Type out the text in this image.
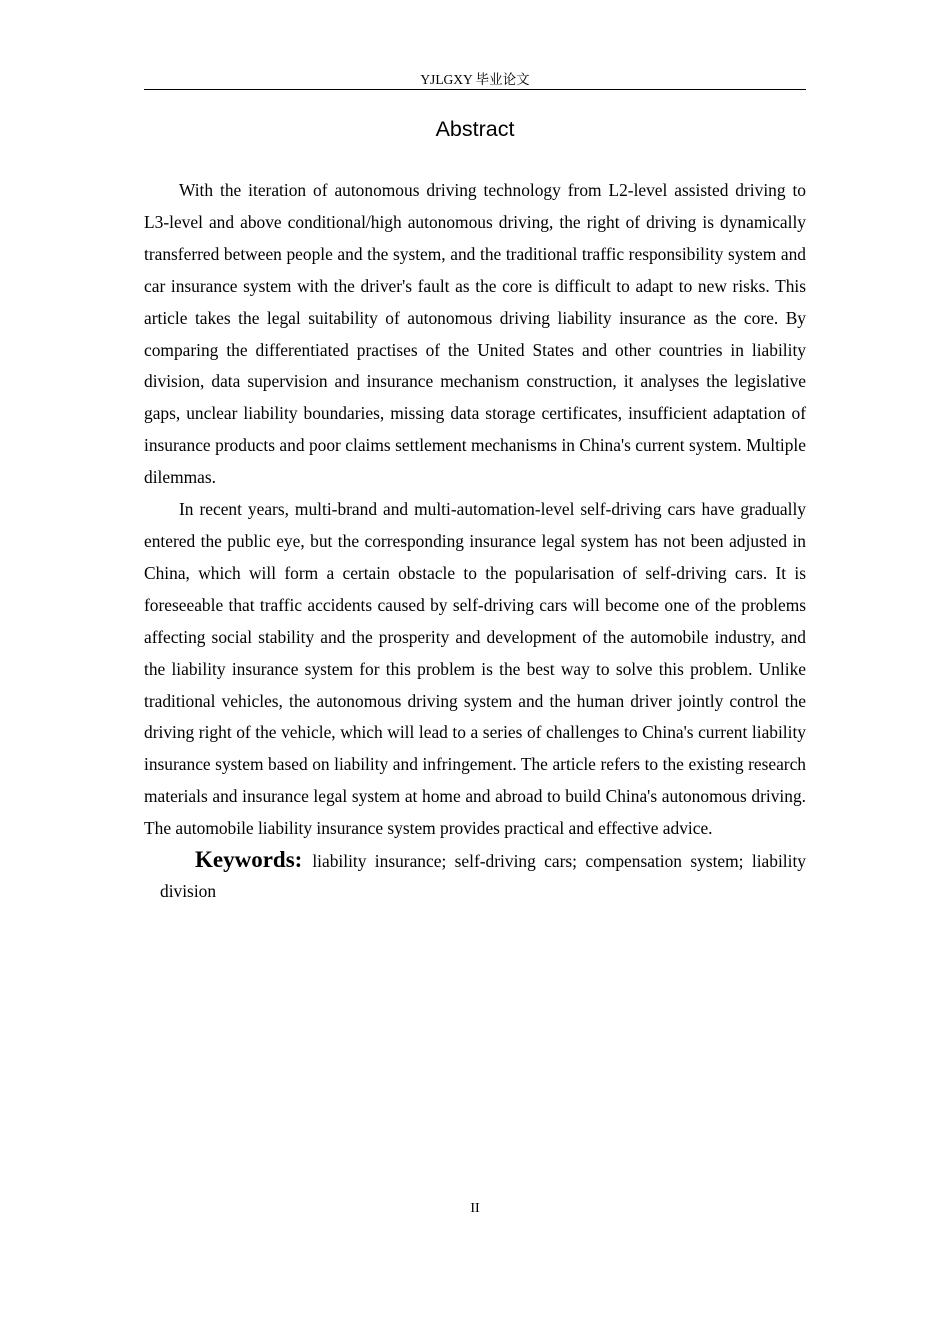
YJLGXY 毕业论文
Abstract

With the iteration of autonomous driving technology from L2-level assisted driving to L3-level and above conditional/high autonomous driving, the right of driving is dynamically transferred between people and the system, and the traditional traffic responsibility system and car insurance system with the driver's fault as the core is difficult to adapt to new risks. This article takes the legal suitability of autonomous driving liability insurance as the core. By comparing the differentiated practises of the United States and other countries in liability division, data supervision and insurance mechanism construction, it analyses the legislative gaps, unclear liability boundaries, missing data storage certificates, insufficient adaptation of insurance products and poor claims settlement mechanisms in China's current system. Multiple dilemmas.

In recent years, multi-brand and multi-automation-level self-driving cars have gradually entered the public eye, but the corresponding insurance legal system has not been adjusted in China, which will form a certain obstacle to the popularisation of self-driving cars. It is foreseeable that traffic accidents caused by self-driving cars will become one of the problems affecting social stability and the prosperity and development of the automobile industry, and the liability insurance system for this problem is the best way to solve this problem. Unlike traditional vehicles, the autonomous driving system and the human driver jointly control the driving right of the vehicle, which will lead to a series of challenges to China's current liability insurance system based on liability and infringement. The article refers to the existing research materials and insurance legal system at home and abroad to build China's autonomous driving. The automobile liability insurance system provides practical and effective advice.

Keywords: liability insurance; self-driving cars; compensation system; liability division

II
